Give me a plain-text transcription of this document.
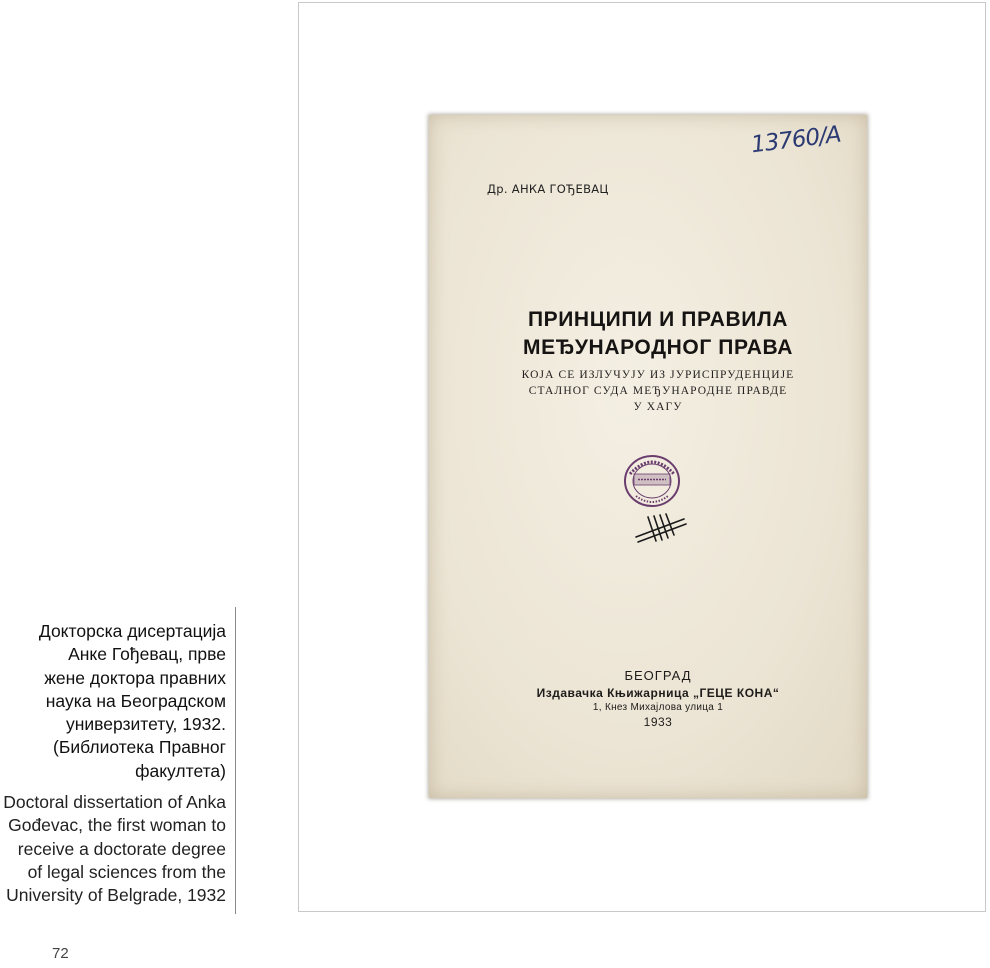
Докторска дисертација
Анке Гођевац, прве
жене доктора правних
наука на Београдском
универзитету, 1932.
(Библиотека Правног
факултета)
Doctoral dissertation of Anka
Gođevac, the first woman to
receive a doctorate degree
of legal sciences from the
University of Belgrade, 1932
72
13760/А
Др. АНКА ГОЂЕВАЦ
ПРИНЦИПИ И ПРАВИЛА
МЕЂУНАРОДНОГ ПРАВА
КОЈА СЕ ИЗЛУЧУЈУ ИЗ ЈУРИСПРУДЕНЦИЈЕ
СТАЛНОГ СУДА МЕЂУНАРОДНЕ ПРАВДЕ
У ХАГУ
БЕОГРАД
Издавачка Књижарница „ГЕЦЕ КОНА“
1, Кнез Михајлова улица 1
1933
